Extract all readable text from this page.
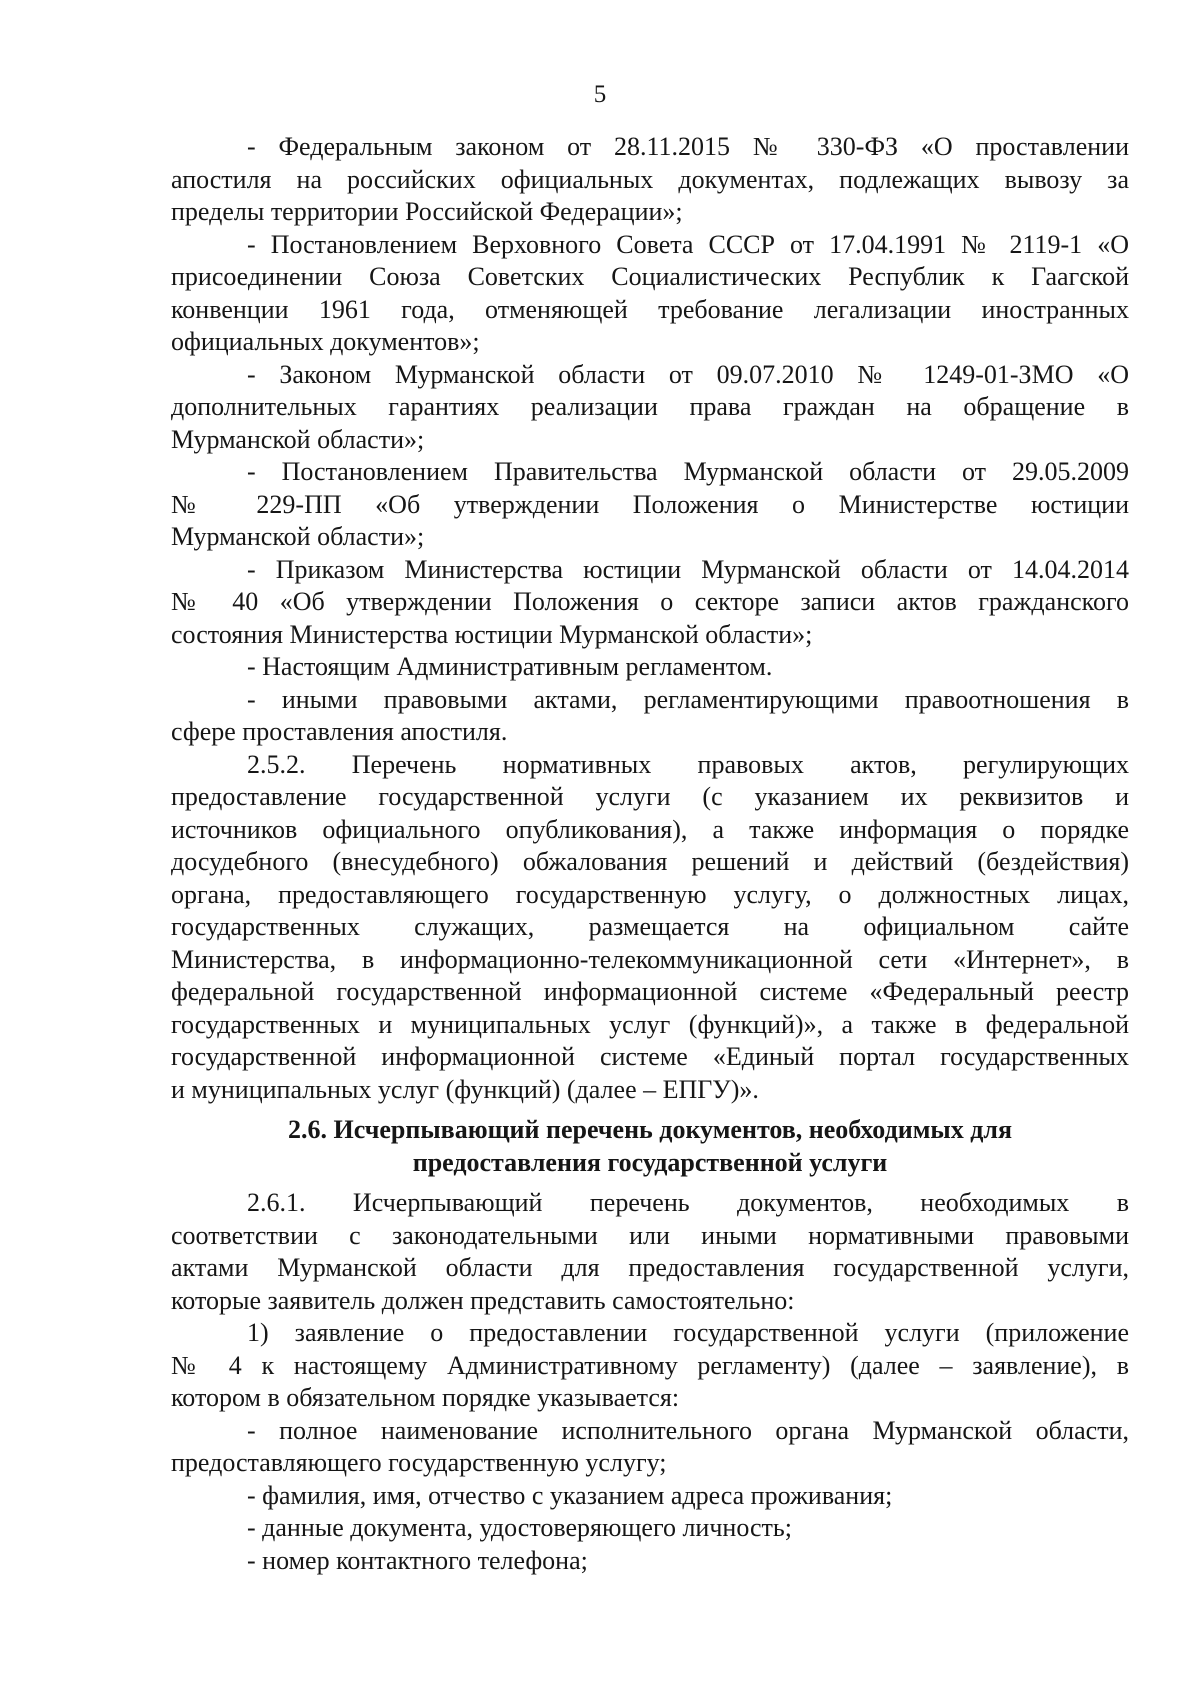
5
- Федеральным законом от 28.11.2015 № 330-ФЗ «О проставлении
апостиля на российских официальных документах, подлежащих вывозу за
пределы территории Российской Федерации»;
- Постановлением Верховного Совета СССР от 17.04.1991 № 2119-1 «О
присоединении Союза Советских Социалистических Республик к Гаагской
конвенции 1961 года, отменяющей требование легализации иностранных
официальных документов»;
- Законом Мурманской области от 09.07.2010 № 1249-01-ЗМО «О
дополнительных гарантиях реализации права граждан на обращение в
Мурманской области»;
- Постановлением Правительства Мурманской области от 29.05.2009
№ 229-ПП «Об утверждении Положения о Министерстве юстиции
Мурманской области»;
- Приказом Министерства юстиции Мурманской области от 14.04.2014
№ 40 «Об утверждении Положения о секторе записи актов гражданского
состояния Министерства юстиции Мурманской области»;
- Настоящим Административным регламентом.
- иными правовыми актами, регламентирующими правоотношения в
сфере проставления апостиля.
2.5.2. Перечень нормативных правовых актов, регулирующих
предоставление государственной услуги (с указанием их реквизитов и
источников официального опубликования), а также информация о порядке
досудебного (внесудебного) обжалования решений и действий (бездействия)
органа, предоставляющего государственную услугу, о должностных лицах,
государственных служащих, размещается на официальном сайте
Министерства, в информационно-телекоммуникационной сети «Интернет», в
федеральной государственной информационной системе «Федеральный реестр
государственных и муниципальных услуг (функций)», а также в федеральной
государственной информационной системе «Единый портал государственных
и муниципальных услуг (функций) (далее – ЕПГУ)».
2.6. Исчерпывающий перечень документов, необходимых для
предоставления государственной услуги
2.6.1. Исчерпывающий перечень документов, необходимых в
соответствии с законодательными или иными нормативными правовыми
актами Мурманской области для предоставления государственной услуги,
которые заявитель должен представить самостоятельно:
1) заявление о предоставлении государственной услуги (приложение
№ 4 к настоящему Административному регламенту) (далее – заявление), в
котором в обязательном порядке указывается:
- полное наименование исполнительного органа Мурманской области,
предоставляющего государственную услугу;
- фамилия, имя, отчество с указанием адреса проживания;
- данные документа, удостоверяющего личность;
- номер контактного телефона;
